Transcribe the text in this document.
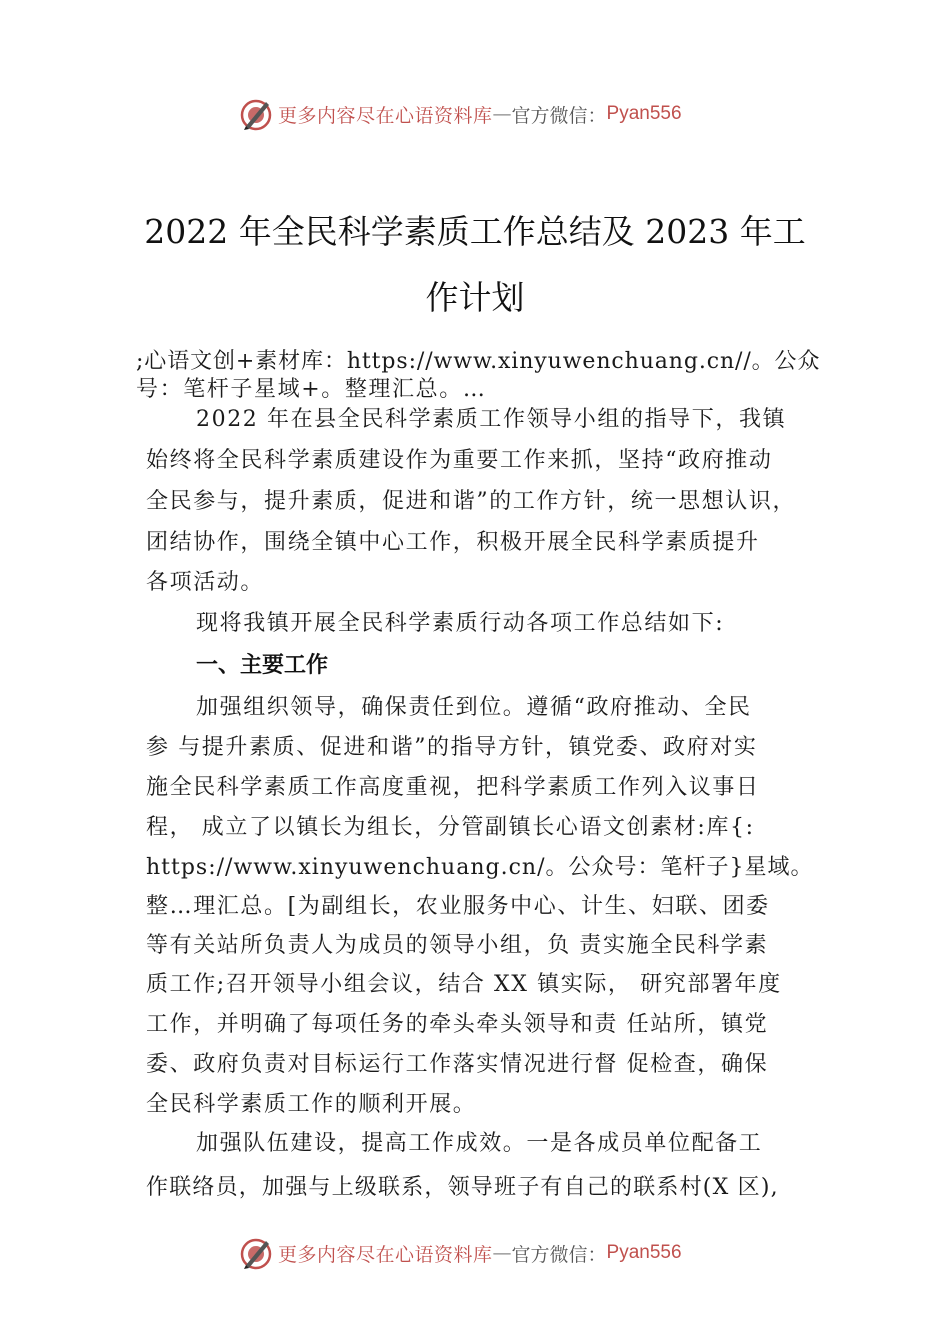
更多内容尽在心语资料库 — 官方微信： Pyan556
2022 年全民科学素质工作总结及 2023 年工
作计划
;心语文创+素材库：https://www.xinyuwenchuang.cn//。公众
号：笔杆子星域+。整理汇总。…
2022 年在县全民科学素质工作领导小组的指导下，我镇
始终将全民科学素质建设作为重要工作来抓，坚持“政府推动
全民参与，提升素质，促进和谐”的工作方针，统一思想认识，
团结协作，围绕全镇中心工作，积极开展全民科学素质提升
各项活动。
现将我镇开展全民科学素质行动各项工作总结如下:
一、主要工作
加强组织领导，确保责任到位。遵循“政府推动、全民
参 与提升素质、促进和谐”的指导方针，镇党委、政府对实
施全民科学素质工作高度重视，把科学素质工作列入议事日
程， 成立了以镇长为组长，分管副镇长心语文创素材:库{:
https://www.xinyuwenchuang.cn/。公众号：笔杆子}星域。
整…理汇总。[为副组长，农业服务中心、计生、妇联、团委
等有关站所负责人为成员的领导小组，负 责实施全民科学素
质工作;召开领导小组会议，结合 XX 镇实际， 研究部署年度
工作，并明确了每项任务的牵头牵头领导和责 任站所，镇党
委、政府负责对目标运行工作落实情况进行督 促检查，确保
全民科学素质工作的顺利开展。
加强队伍建设，提高工作成效。一是各成员单位配备工
作联络员，加强与上级联系，领导班子有自己的联系村(X 区),
更多内容尽在心语资料库 — 官方微信： Pyan556
